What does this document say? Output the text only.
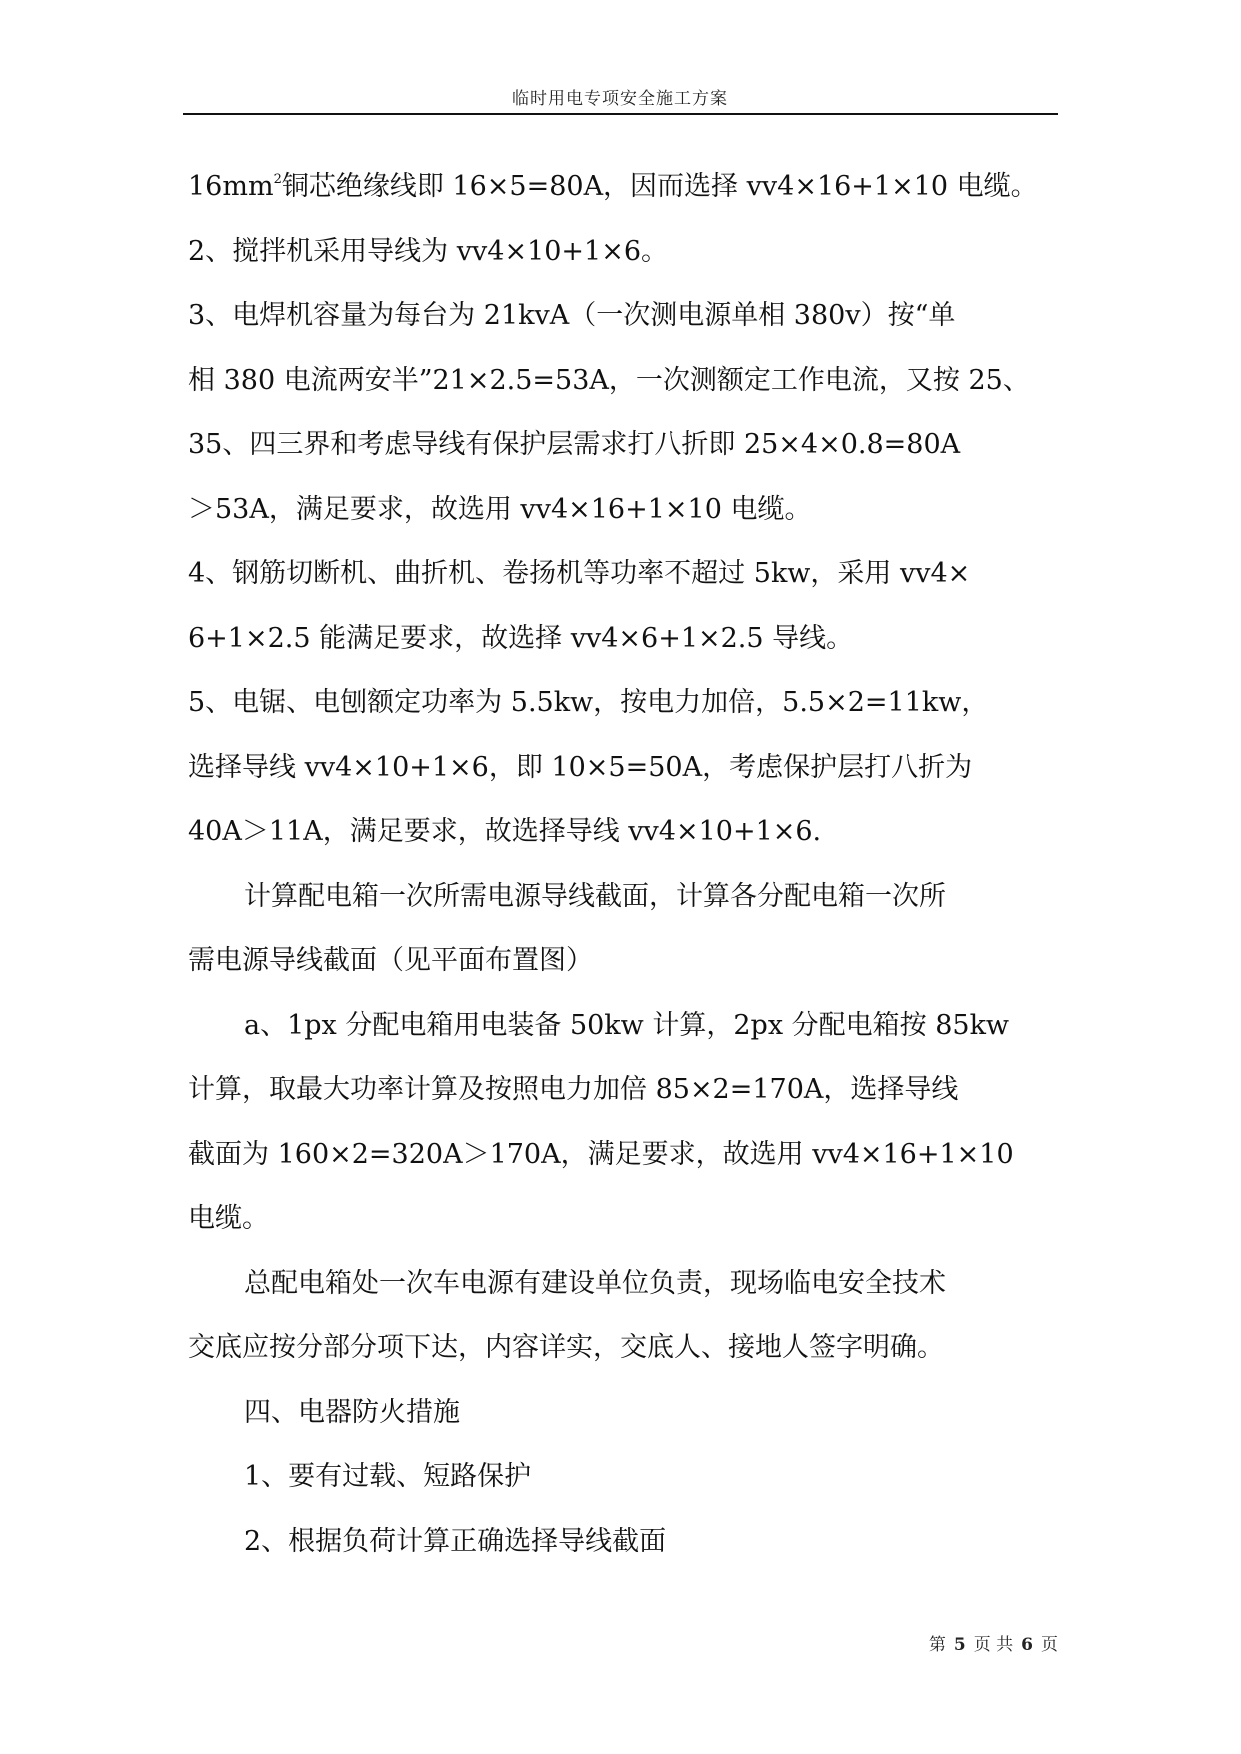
临时用电专项安全施工方案
$16mm^2$铜芯绝缘线即 16×5=80A，因而选择 vv4×16+1×10 电缆。
2、搅拌机采用导线为 vv4×10+1×6。
3、电焊机容量为每台为 21kvA（一次测电源单相 380v）按“单
相 380 电流两安半”21×2.5=53A，一次测额定工作电流，又按 25、
35、四三界和考虑导线有保护层需求打八折即 25×4×0.8=80A
＞53A，满足要求，故选用 vv4×16+1×10 电缆。
4、钢筋切断机、曲折机、卷扬机等功率不超过 5kw，采用 vv4×
6+1×2.5 能满足要求，故选择 vv4×6+1×2.5 导线。
5、电锯、电刨额定功率为 5.5kw，按电力加倍，5.5×2=11kw，
选择导线 vv4×10+1×6，即 10×5=50A，考虑保护层打八折为
40A＞11A，满足要求，故选择导线 vv4×10+1×6.
计算配电箱一次所需电源导线截面，计算各分配电箱一次所
需电源导线截面（见平面布置图）
a、1px 分配电箱用电装备 50kw 计算，2px 分配电箱按 85kw
计算，取最大功率计算及按照电力加倍 85×2=170A，选择导线
截面为 160×2=320A＞170A，满足要求，故选用 vv4×16+1×10
电缆。
总配电箱处一次车电源有建设单位负责，现场临电安全技术
交底应按分部分项下达，内容详实，交底人、接地人签字明确。
四、电器防火措施
1、要有过载、短路保护
2、根据负荷计算正确选择导线截面
第 5 页 共 6 页
